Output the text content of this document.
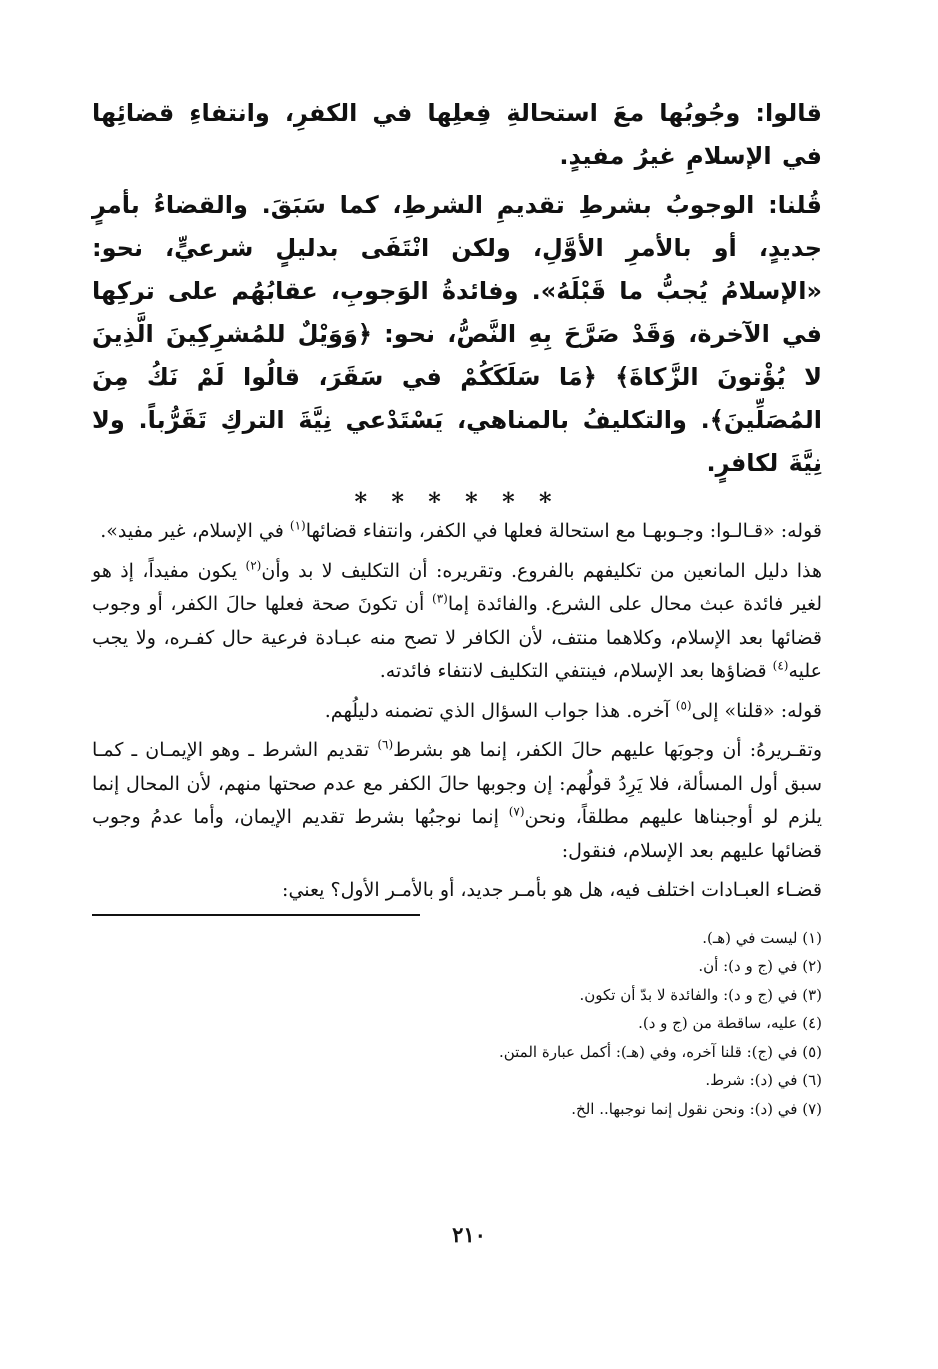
قالوا: وجُوبُها معَ استحالةِ فِعلِها في الكفرِ، وانتفاءِ قضائِها في الإسلامِ غيرُ مفيدٍ.

قُلنا: الوجوبُ بشرطِ تقديمِ الشرطِ، كما سَبَقَ. والقضاءُ بأمرٍ جديدٍ، أو بالأمرِ الأوَّلِ، ولكن انْتَفَى بدليلٍ شرعيٍّ، نحو: «الإسلامُ يُجبُّ ما قَبْلَهُ». وفائدةُ الوَجوبِ، عقابُهُم على تركِها في الآخرة، وَقَدْ صَرَّحَ بِهِ النَّصُّ، نحو: ﴿وَوَيْلٌ للمُشرِكِينَ الَّذِينَ لا يُؤْتونَ الزَّكاةَ﴾ ﴿مَا سَلَكَكُمْ في سَقَرَ، قالُوا لَمْ نَكُ مِنَ المُصَلِّينَ﴾. والتكليفُ بالمناهي، يَسْتَدْعي نِيَّةَ التركِ تَقَرُّباً. ولا نِيَّةَ لكافرٍ.

* * * * * *

قوله: «قـالـوا: وجـوبهـا مع استحالة فعلها في الكفر، وانتفاء قضائها$^{(١)}$ في الإسلام، غير مفيد».

هذا دليل المانعين من تكليفهم بالفروع. وتقريره: أن التكليف لا بد وأن$^{(٢)}$ يكون مفيداً، إذ هو لغير فائدة عبث محال على الشرع. والفائدة إما$^{(٣)}$ أن تكونَ صحة فعلها حالَ الكفر، أو وجوب قضائها بعد الإسلام، وكلاهما منتف، لأن الكافر لا تصح منه عبـادة فرعية حال كفـره، ولا يجب عليه$^{(٤)}$ قضاؤها بعد الإسلام، فينتفي التكليف لانتفاء فائدته.

قوله: «قلنا» إلى$^{(٥)}$ آخره. هذا جواب السؤال الذي تضمنه دليلُهم.

وتقـريرهُ: أن وجوبَها عليهم حالَ الكفر، إنما هو بشرط$^{(٦)}$ تقديم الشرط ـ وهو الإيمـان ـ كمـا سبق أول المسألة، فلا يَرِدُ قولُهم: إن وجوبها حالَ الكفر مع عدم صحتها منهم، لأن المحال إنما يلزم لو أوجبناها عليهم مطلقاً، ونحن$^{(٧)}$ إنما نوجبُها بشرط تقديم الإيمان، وأما عدمُ وجوب قضائها عليهم بعد الإسلام، فنقول:

قضـاء العبـادات اختلف فيه، هل هو بأمـر جديد، أو بالأمـر الأول؟ يعني:

(١) ليست في (هـ).
(٢) في (ج و د): أن.
(٣) في (ج و د): والفائدة لا بدّ أن تكون.
(٤) عليه، ساقطة من (ج و د).
(٥) في (ج): قلنا آخره، وفي (هـ): أكمل عبارة المتن.
(٦) في (د): شرط.
(٧) في (د): ونحن نقول إنما نوجبها.. الخ.
٢١٠
